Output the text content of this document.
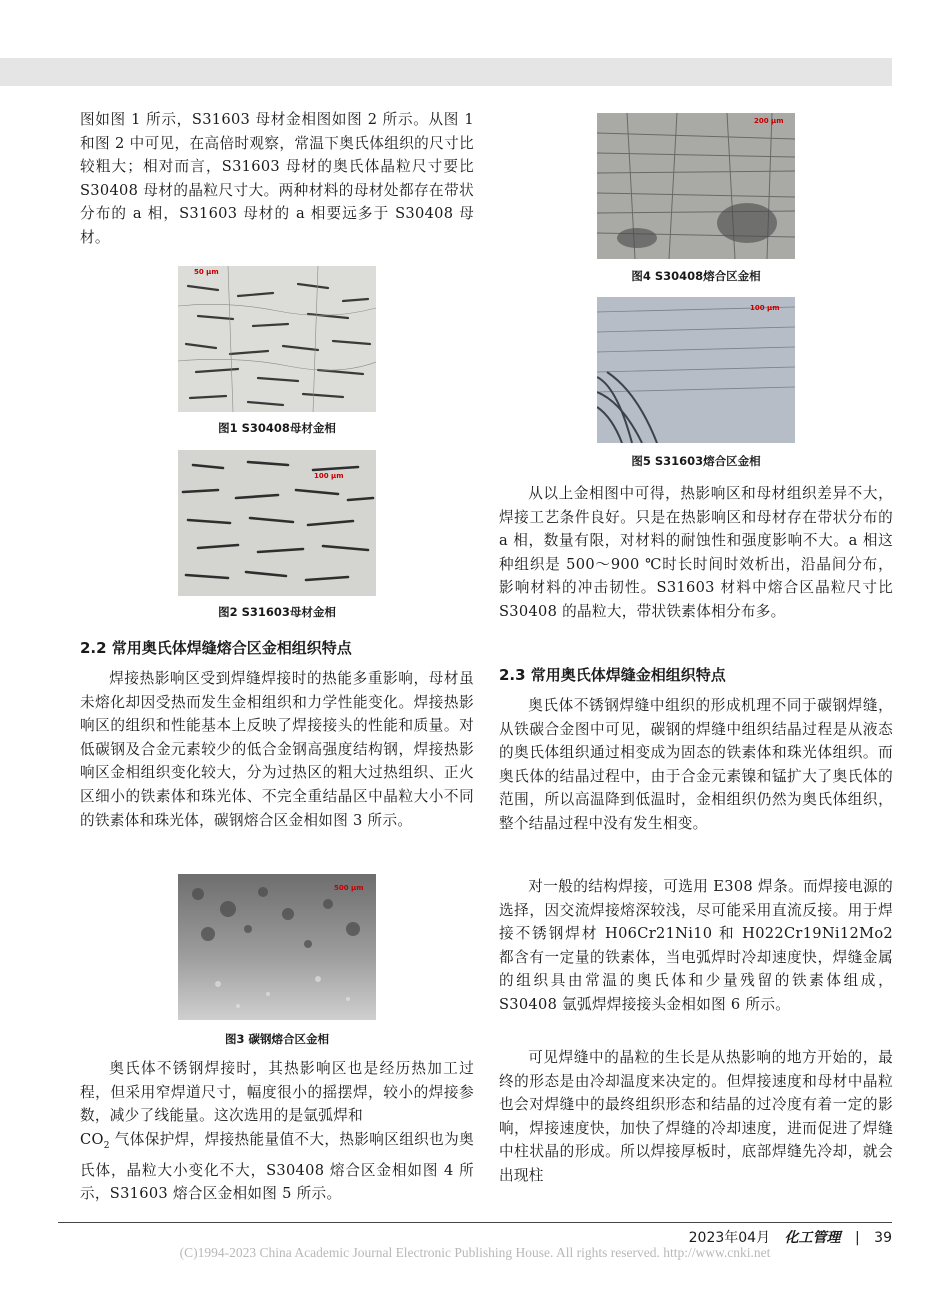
图如图 1 所示，S31603 母材金相图如图 2 所示。从图 1 和图 2 中可见，在高倍时观察，常温下奥氏体组织的尺寸比较粗大；相对而言，S31603 母材的奥氏体晶粒尺寸要比 S30408 母材的晶粒尺寸大。两种材料的母材处都存在带状分布的 a 相，S31603 母材的 a 相要远多于 S30408 母材。

50 μm

图1 S30408母材金相

100 μm

图2 S31603母材金相

2.2 常用奥氏体焊缝熔合区金相组织特点

焊接热影响区受到焊缝焊接时的热能多重影响，母材虽未熔化却因受热而发生金相组织和力学性能变化。焊接热影响区的组织和性能基本上反映了焊接接头的性能和质量。对低碳钢及合金元素较少的低合金钢高强度结构钢，焊接热影响区金相组织变化较大，分为过热区的粗大过热组织、正火区细小的铁素体和珠光体、不完全重结晶区中晶粒大小不同的铁素体和珠光体，碳钢熔合区金相如图 3 所示。

500 μm

图3 碳钢熔合区金相

奥氏体不锈钢焊接时，其热影响区也是经历热加工过程，但采用窄焊道尺寸，幅度很小的摇摆焊，较小的焊接参数，减少了线能量。这次选用的是氩弧焊和

$CO_2$ 气体保护焊，焊接热能量值不大，热影响区组织也为奥氏体，晶粒大小变化不大，S30408 熔合区金相如图 4 所示，S31603 熔合区金相如图 5 所示。

200 μm

图4 S30408熔合区金相

100 μm

图5 S31603熔合区金相

从以上金相图中可得，热影响区和母材组织差异不大，焊接工艺条件良好。只是在热影响区和母材存在带状分布的 a 相，数量有限，对材料的耐蚀性和强度影响不大。a 相这种组织是 500～900 ℃时长时间时效析出，沿晶间分布，影响材料的冲击韧性。S31603 材料中熔合区晶粒尺寸比 S30408 的晶粒大，带状铁素体相分布多。

2.3 常用奥氏体焊缝金相组织特点

奥氏体不锈钢焊缝中组织的形成机理不同于碳钢焊缝，从铁碳合金图中可见，碳钢的焊缝中组织结晶过程是从液态的奥氏体组织通过相变成为固态的铁素体和珠光体组织。而奥氏体的结晶过程中，由于合金元素镍和锰扩大了奥氏体的范围，所以高温降到低温时，金相组织仍然为奥氏体组织，整个结晶过程中没有发生相变。

对一般的结构焊接，可选用 E308 焊条。而焊接电源的选择，因交流焊接熔深较浅，尽可能采用直流反接。用于焊接不锈钢焊材 H06Cr21Ni10 和 H022Cr19Ni12Mo2 都含有一定量的铁素体，当电弧焊时冷却速度快，焊缝金属的组织具由常温的奥氏体和少量残留的铁素体组成，S30408 氩弧焊焊接接头金相如图 6 所示。

可见焊缝中的晶粒的生长是从热影响的地方开始的，最终的形态是由冷却温度来决定的。但焊接速度和母材中晶粒也会对焊缝中的最终组织形态和结晶的过冷度有着一定的影响，焊接速度快，加快了焊缝的冷却速度，进而促进了焊缝中柱状晶的形成。所以焊接厚板时，底部焊缝先冷却，就会出现柱

2023年04月 化工管理 | 39
(C)1994-2023 China Academic Journal Electronic Publishing House. All rights reserved. http://www.cnki.net
